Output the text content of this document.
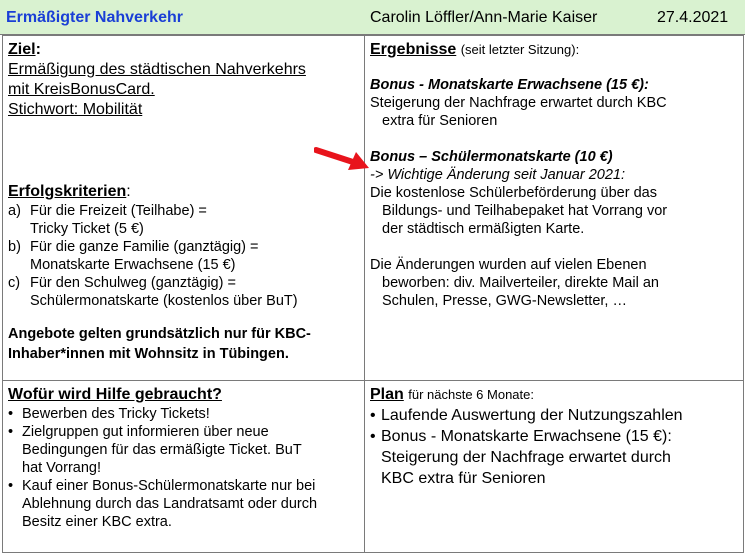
Ermäßigter Nahverkehr	Carolin Löffler/Ann-Marie Kaiser	27.4.2021
Ziel:
Ermäßigung des städtischen Nahverkehrs
mit KreisBonusCard.
Stichwort: Mobilität
Erfolgskriterien:
a) Für die Freizeit (Teilhabe) =
Tricky Ticket (5 €)
b) Für die ganze Familie (ganztägig) =
Monatskarte Erwachsene (15 €)
c) Für den Schulweg (ganztägig) =
Schülermonatskarte (kostenlos über BuT)
Angebote gelten grundsätzlich nur für KBC-Inhaber*innen mit Wohnsitz in Tübingen.
Ergebnisse (seit letzter Sitzung):
Bonus - Monatskarte Erwachsene (15 €):
Steigerung der Nachfrage erwartet durch KBC
extra für Senioren
Bonus – Schülermonatskarte (10 €)
-> Wichtige Änderung seit Januar 2021:
Die kostenlose Schülerbeförderung über das
Bildungs- und Teilhabepaket hat Vorrang vor
der städtisch ermäßigten Karte.
Die Änderungen wurden auf vielen Ebenen
beworben: div. Mailverteiler, direkte Mail an
Schulen, Presse, GWG-Newsletter, …
Wofür wird Hilfe gebraucht?
• Bewerben des Tricky Tickets!
• Zielgruppen gut informieren über neue
Bedingungen für das ermäßigte Ticket. BuT
hat Vorrang!
• Kauf einer Bonus-Schülermonatskarte nur bei
Ablehnung durch das Landratsamt oder durch
Besitz einer KBC extra.
Plan für nächste 6 Monate:
• Laufende Auswertung der Nutzungszahlen
• Bonus - Monatskarte Erwachsene (15 €):
Steigerung der Nachfrage erwartet durch
KBC extra für Senioren
